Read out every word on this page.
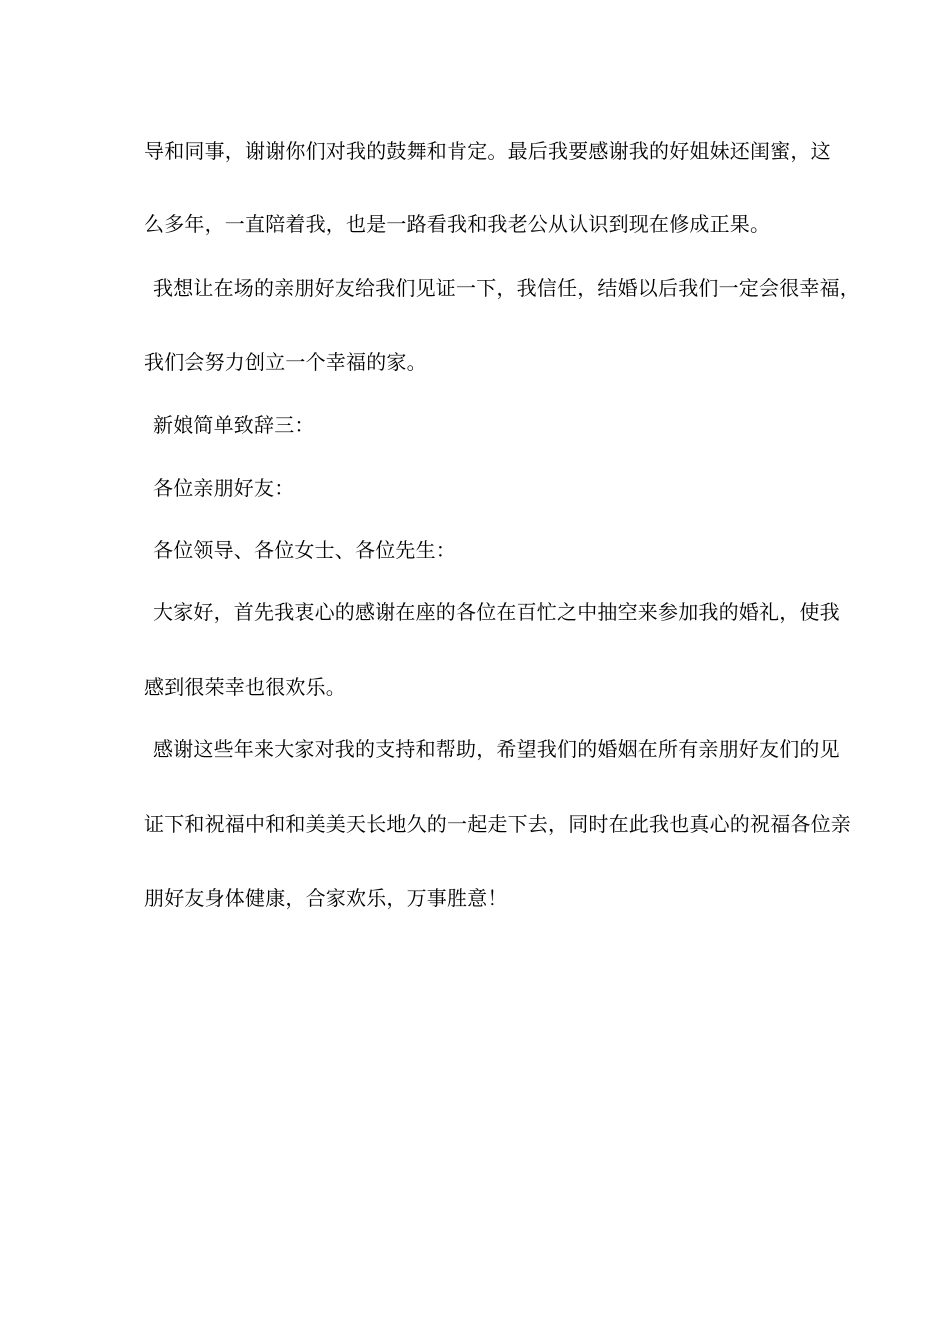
导和同事，谢谢你们对我的鼓舞和肯定。最后我要感谢我的好姐妹还闺蜜，这
么多年，一直陪着我，也是一路看我和我老公从认识到现在修成正果。
我想让在场的亲朋好友给我们见证一下，我信任，结婚以后我们一定会很幸福，
我们会努力创立一个幸福的家。
新娘简单致辞三：
各位亲朋好友：
各位领导、各位女士、各位先生：
大家好，首先我衷心的感谢在座的各位在百忙之中抽空来参加我的婚礼，使我
感到很荣幸也很欢乐。
感谢这些年来大家对我的支持和帮助，希望我们的婚姻在所有亲朋好友们的见
证下和祝福中和和美美天长地久的一起走下去，同时在此我也真心的祝福各位亲
朋好友身体健康，合家欢乐，万事胜意！
